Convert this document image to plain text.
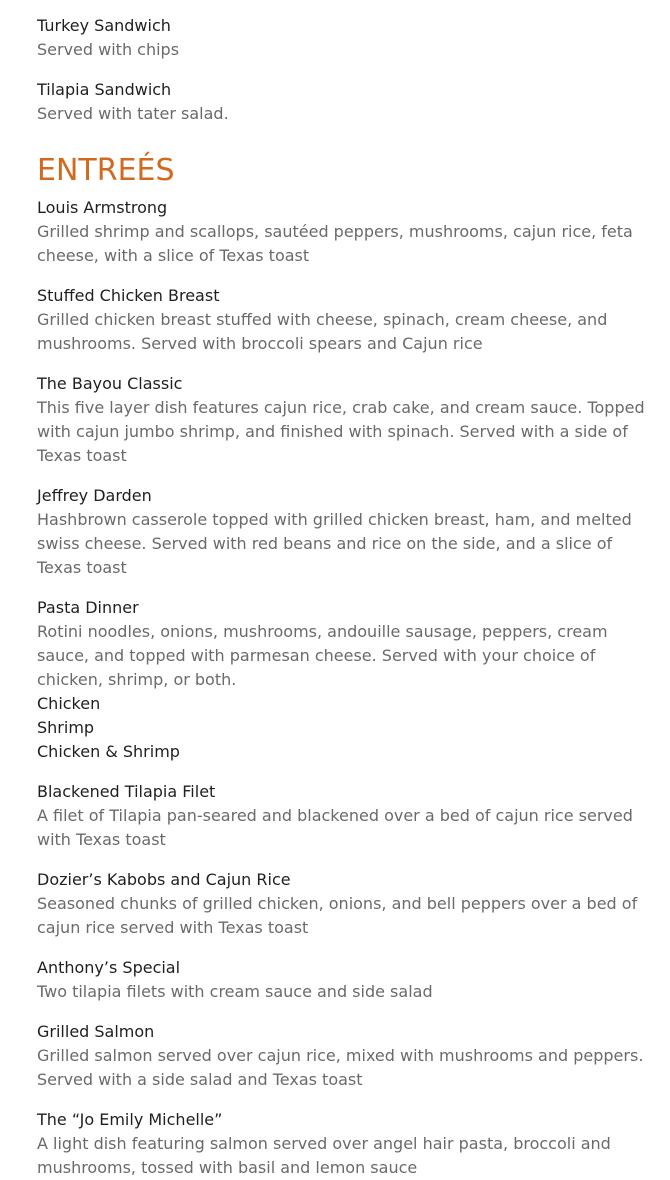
Turkey Sandwich

Served with chips

Tilapia Sandwich

Served with tater salad.

ENTREÉS

Louis Armstrong

Grilled shrimp and scallops, sautéed peppers, mushrooms, cajun rice, feta cheese, with a slice of Texas toast

Stuffed Chicken Breast

Grilled chicken breast stuffed with cheese, spinach, cream cheese, and mushrooms. Served with broccoli spears and Cajun rice

The Bayou Classic

This five layer dish features cajun rice, crab cake, and cream sauce. Topped with cajun jumbo shrimp, and finished with spinach. Served with a side of Texas toast

Jeffrey Darden

Hashbrown casserole topped with grilled chicken breast, ham, and melted swiss cheese. Served with red beans and rice on the side, and a slice of Texas toast

Pasta Dinner

Rotini noodles, onions, mushrooms, andouille sausage, peppers, cream sauce, and topped with parmesan cheese. Served with your choice of chicken, shrimp, or both.

Chicken

Shrimp

Chicken & Shrimp

Blackened Tilapia Filet

A filet of Tilapia pan-seared and blackened over a bed of cajun rice served with Texas toast

Dozier’s Kabobs and Cajun Rice

Seasoned chunks of grilled chicken, onions, and bell peppers over a bed of cajun rice served with Texas toast

Anthony’s Special

Two tilapia filets with cream sauce and side salad

Grilled Salmon

Grilled salmon served over cajun rice, mixed with mushrooms and peppers. Served with a side salad and Texas toast

The “Jo Emily Michelle”

A light dish featuring salmon served over angel hair pasta, broccoli and mushrooms, tossed with basil and lemon sauce
